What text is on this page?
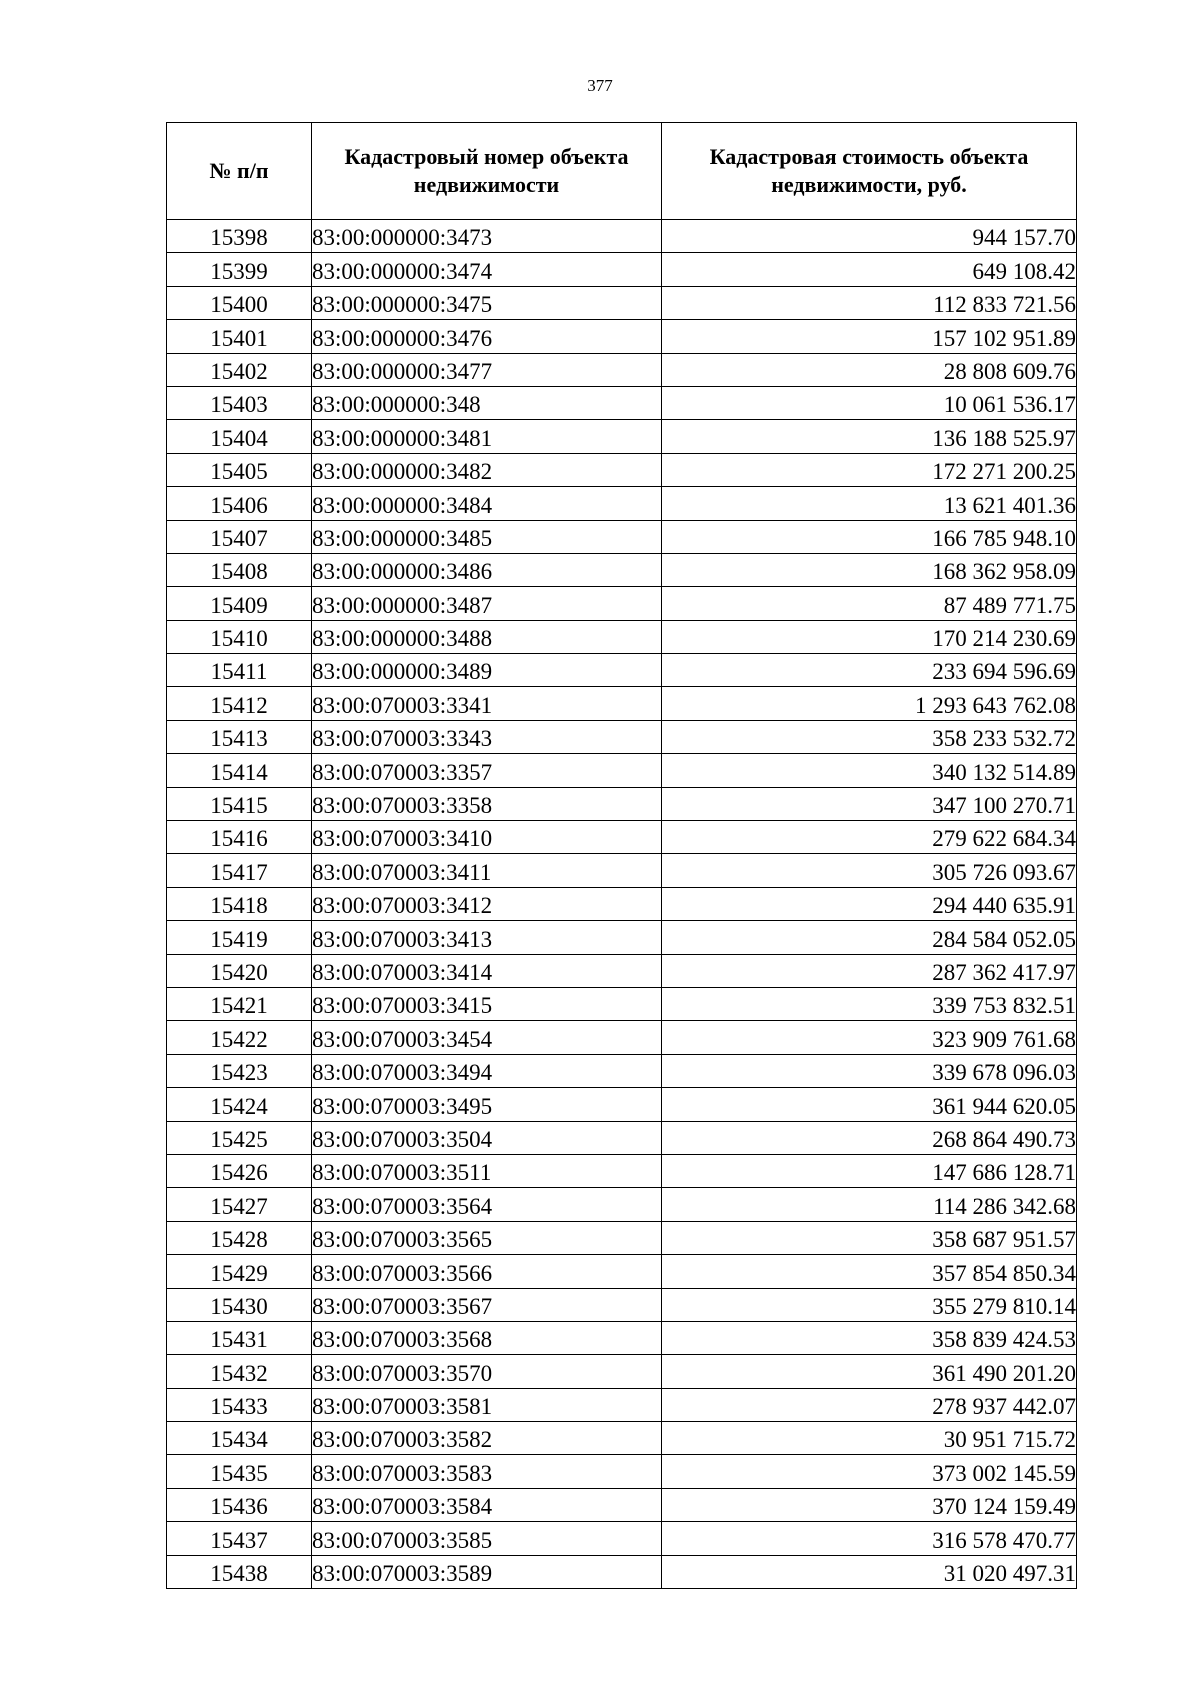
377
№ п/п	Кадастровый номер объекта недвижимости	Кадастровая стоимость объекта недвижимости, руб.
15398	83:00:000000:3473	944 157.70
15399	83:00:000000:3474	649 108.42
15400	83:00:000000:3475	112 833 721.56
15401	83:00:000000:3476	157 102 951.89
15402	83:00:000000:3477	28 808 609.76
15403	83:00:000000:348	10 061 536.17
15404	83:00:000000:3481	136 188 525.97
15405	83:00:000000:3482	172 271 200.25
15406	83:00:000000:3484	13 621 401.36
15407	83:00:000000:3485	166 785 948.10
15408	83:00:000000:3486	168 362 958.09
15409	83:00:000000:3487	87 489 771.75
15410	83:00:000000:3488	170 214 230.69
15411	83:00:000000:3489	233 694 596.69
15412	83:00:070003:3341	1 293 643 762.08
15413	83:00:070003:3343	358 233 532.72
15414	83:00:070003:3357	340 132 514.89
15415	83:00:070003:3358	347 100 270.71
15416	83:00:070003:3410	279 622 684.34
15417	83:00:070003:3411	305 726 093.67
15418	83:00:070003:3412	294 440 635.91
15419	83:00:070003:3413	284 584 052.05
15420	83:00:070003:3414	287 362 417.97
15421	83:00:070003:3415	339 753 832.51
15422	83:00:070003:3454	323 909 761.68
15423	83:00:070003:3494	339 678 096.03
15424	83:00:070003:3495	361 944 620.05
15425	83:00:070003:3504	268 864 490.73
15426	83:00:070003:3511	147 686 128.71
15427	83:00:070003:3564	114 286 342.68
15428	83:00:070003:3565	358 687 951.57
15429	83:00:070003:3566	357 854 850.34
15430	83:00:070003:3567	355 279 810.14
15431	83:00:070003:3568	358 839 424.53
15432	83:00:070003:3570	361 490 201.20
15433	83:00:070003:3581	278 937 442.07
15434	83:00:070003:3582	30 951 715.72
15435	83:00:070003:3583	373 002 145.59
15436	83:00:070003:3584	370 124 159.49
15437	83:00:070003:3585	316 578 470.77
15438	83:00:070003:3589	31 020 497.31
